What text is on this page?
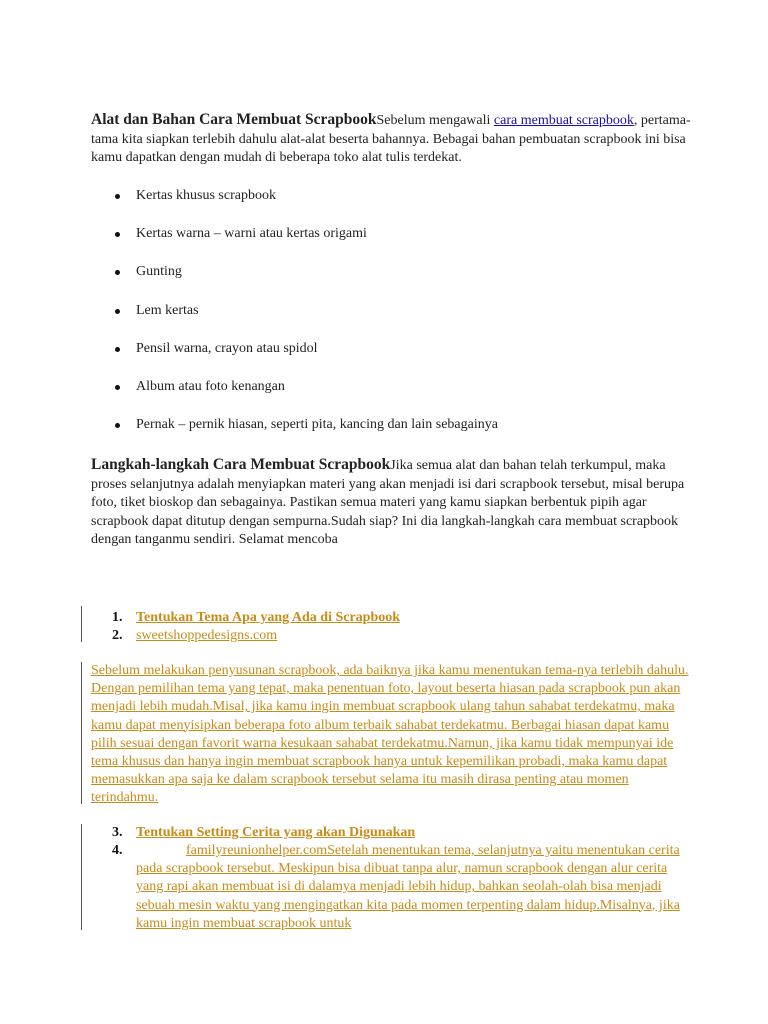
Alat dan Bahan Cara Membuat ScrapbookSebelum mengawali cara membuat scrapbook, pertama-tama kita siapkan terlebih dahulu alat-alat beserta bahannya. Bebagai bahan pembuatan scrapbook ini bisa kamu dapatkan dengan mudah di beberapa toko alat tulis terdekat.

Kertas khusus scrapbook
Kertas warna – warni atau kertas origami
Gunting
Lem kertas
Pensil warna, crayon atau spidol
Album atau foto kenangan
Pernak – pernik hiasan, seperti pita, kancing dan lain sebagainya

Langkah-langkah Cara Membuat ScrapbookJika semua alat dan bahan telah terkumpul, maka proses selanjutnya adalah menyiapkan materi yang akan menjadi isi dari scrapbook tersebut, misal berupa foto, tiket bioskop dan sebagainya. Pastikan semua materi yang kamu siapkan berbentuk pipih agar scrapbook dapat ditutup dengan sempurna.Sudah siap? Ini dia langkah-langkah cara membuat scrapbook dengan tanganmu sendiri. Selamat mencoba

1. Tentukan Tema Apa yang Ada di Scrapbook
2. sweetshoppedesigns.com
Sebelum melakukan penyusunan scrapbook, ada baiknya jika kamu menentukan tema-nya terlebih dahulu. Dengan pemilihan tema yang tepat, maka penentuan foto, layout beserta hiasan pada scrapbook pun akan menjadi lebih mudah.Misal, jika kamu ingin membuat scrapbook ulang tahun sahabat terdekatmu, maka kamu dapat menyisipkan beberapa foto album terbaik sahabat terdekatmu. Berbagai hiasan dapat kamu pilih sesuai dengan favorit warna kesukaan sahabat terdekatmu.Namun, jika kamu tidak mempunyai ide tema khusus dan hanya ingin membuat scrapbook hanya untuk kepemilikan probadi, maka kamu dapat memasukkan apa saja ke dalam scrapbook tersebut selama itu masih dirasa penting atau momen terindahmu.
3. Tentukan Setting Cerita yang akan Digunakan
4.	familyreunionhelper.comSetelah menentukan tema, selanjutnya yaitu menentukan cerita pada scrapbook tersebut. Meskipun bisa dibuat tanpa alur, namun scrapbook dengan alur cerita yang rapi akan membuat isi di dalamya menjadi lebih hidup, bahkan seolah-olah bisa menjadi sebuah mesin waktu yang mengingatkan kita pada momen terpenting dalam hidup.Misalnya, jika kamu ingin membuat scrapbook untuk
